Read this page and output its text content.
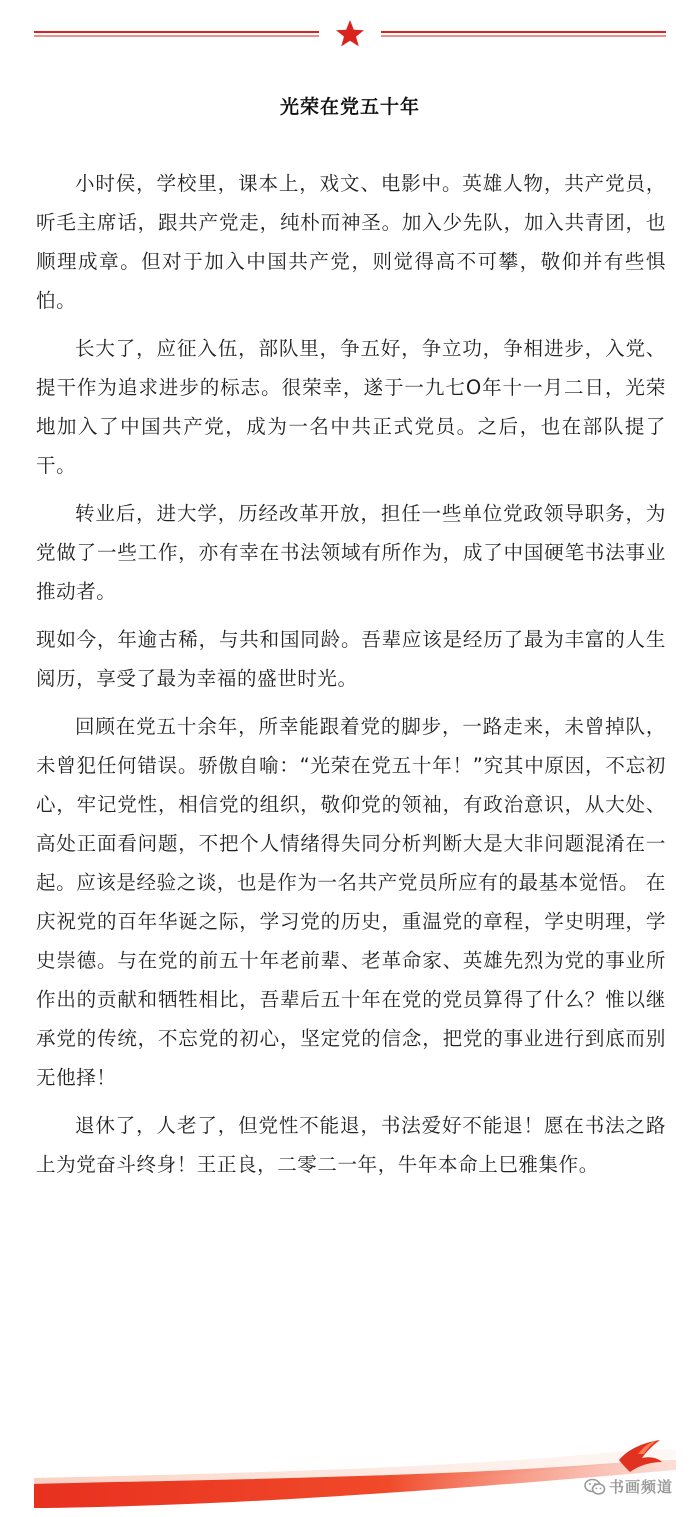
光荣在党五十年

小时侯，学校里，课本上，戏文、电影中。英雄人物，共产党员，听毛主席话，跟共产党走，纯朴而神圣。加入少先队，加入共青团，也顺理成章。但对于加入中国共产党，则觉得高不可攀，敬仰并有些惧怕。

长大了，应征入伍，部队里，争五好，争立功，争相进步，入党、提干作为追求进步的标志。很荣幸，遂于一九七O年十一月二日，光荣地加入了中国共产党，成为一名中共正式党员。之后，也在部队提了干。

转业后，进大学，历经改革开放，担任一些单位党政领导职务，为党做了一些工作，亦有幸在书法领域有所作为，成了中国硬笔书法事业推动者。

现如今，年逾古稀，与共和国同龄。吾辈应该是经历了最为丰富的人生阅历，享受了最为幸福的盛世时光。

回顾在党五十余年，所幸能跟着党的脚步，一路走来，未曾掉队，未曾犯任何错误。骄傲自喻：“光荣在党五十年！”究其中原因，不忘初心，牢记党性，相信党的组织，敬仰党的领袖，有政治意识，从大处、高处正面看问题，不把个人情绪得失同分析判断大是大非问题混淆在一起。应该是经验之谈，也是作为一名共产党员所应有的最基本觉悟。 在庆祝党的百年华诞之际，学习党的历史，重温党的章程，学史明理，学史崇德。与在党的前五十年老前辈、老革命家、英雄先烈为党的事业所作出的贡献和牺牲相比，吾辈后五十年在党的党员算得了什么？惟以继承党的传统，不忘党的初心，坚定党的信念，把党的事业进行到底而别无他择！

退休了，人老了，但党性不能退，书法爱好不能退！愿在书法之路上为党奋斗终身！王正良，二零二一年，牛年本命上巳雅集作。

书画频道
